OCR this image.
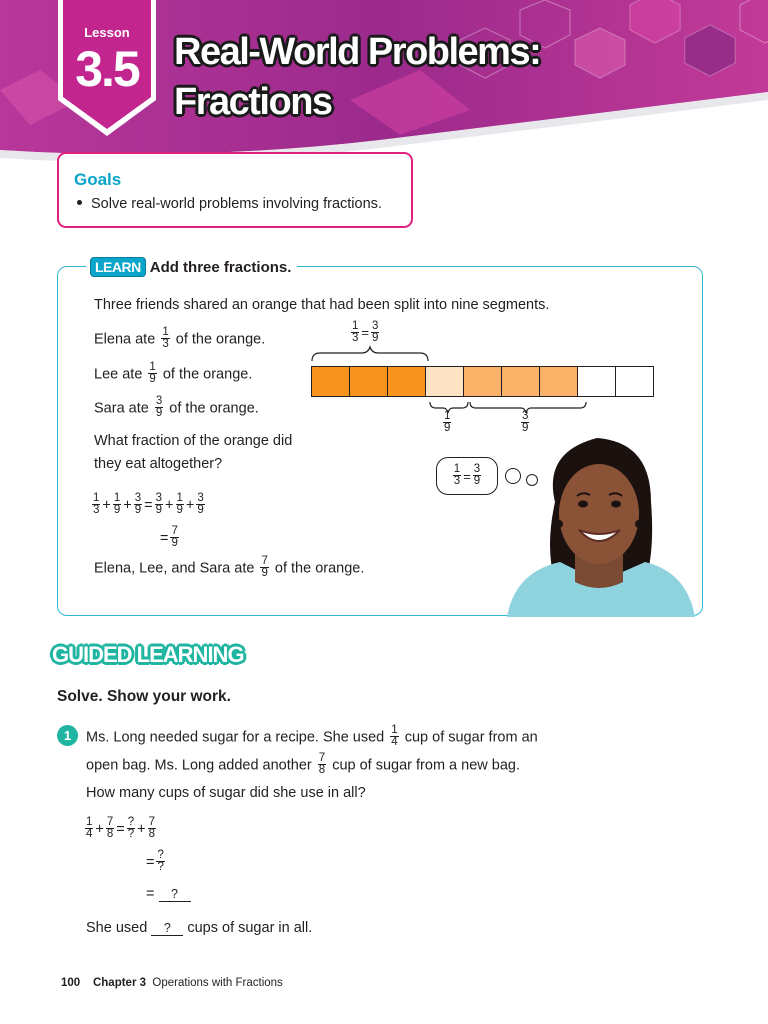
Lesson
3.5 Real-World Problems:
Fractions
Goals
Solve real-world problems involving fractions.
LEARN Add three fractions.
Three friends shared an orange that had been split into nine segments.
Elena ate $\frac{1}{3}$ of the orange.
Lee ate $\frac{1}{9}$ of the orange.
Sara ate $\frac{3}{9}$ of the orange.
What fraction of the orange did
they eat altogether?
$\frac{1}{3} + \frac{1}{9} + \frac{3}{9} = \frac{3}{9} + \frac{1}{9} + \frac{3}{9}$
= $\frac{7}{9}$
Elena, Lee, and Sara ate $\frac{7}{9}$ of the orange.
$\frac{1}{3} = \frac{3}{9}$
$\frac{1}{9}$	$\frac{3}{9}$
$\frac{1}{3} = \frac{3}{9}$
GUIDED LEARNING
Solve. Show your work.
1	Ms. Long needed sugar for a recipe. She used $\frac{1}{4}$ cup of sugar from an
open bag. Ms. Long added another $\frac{7}{8}$ cup of sugar from a new bag.
How many cups of sugar did she use in all?
$\frac{1}{4} + \frac{7}{8} = \frac{?}{?} + \frac{7}{8}$
= $\frac{?}{?}$
= ?
She used ? cups of sugar in all.
100 Chapter 3 Operations with Fractions
